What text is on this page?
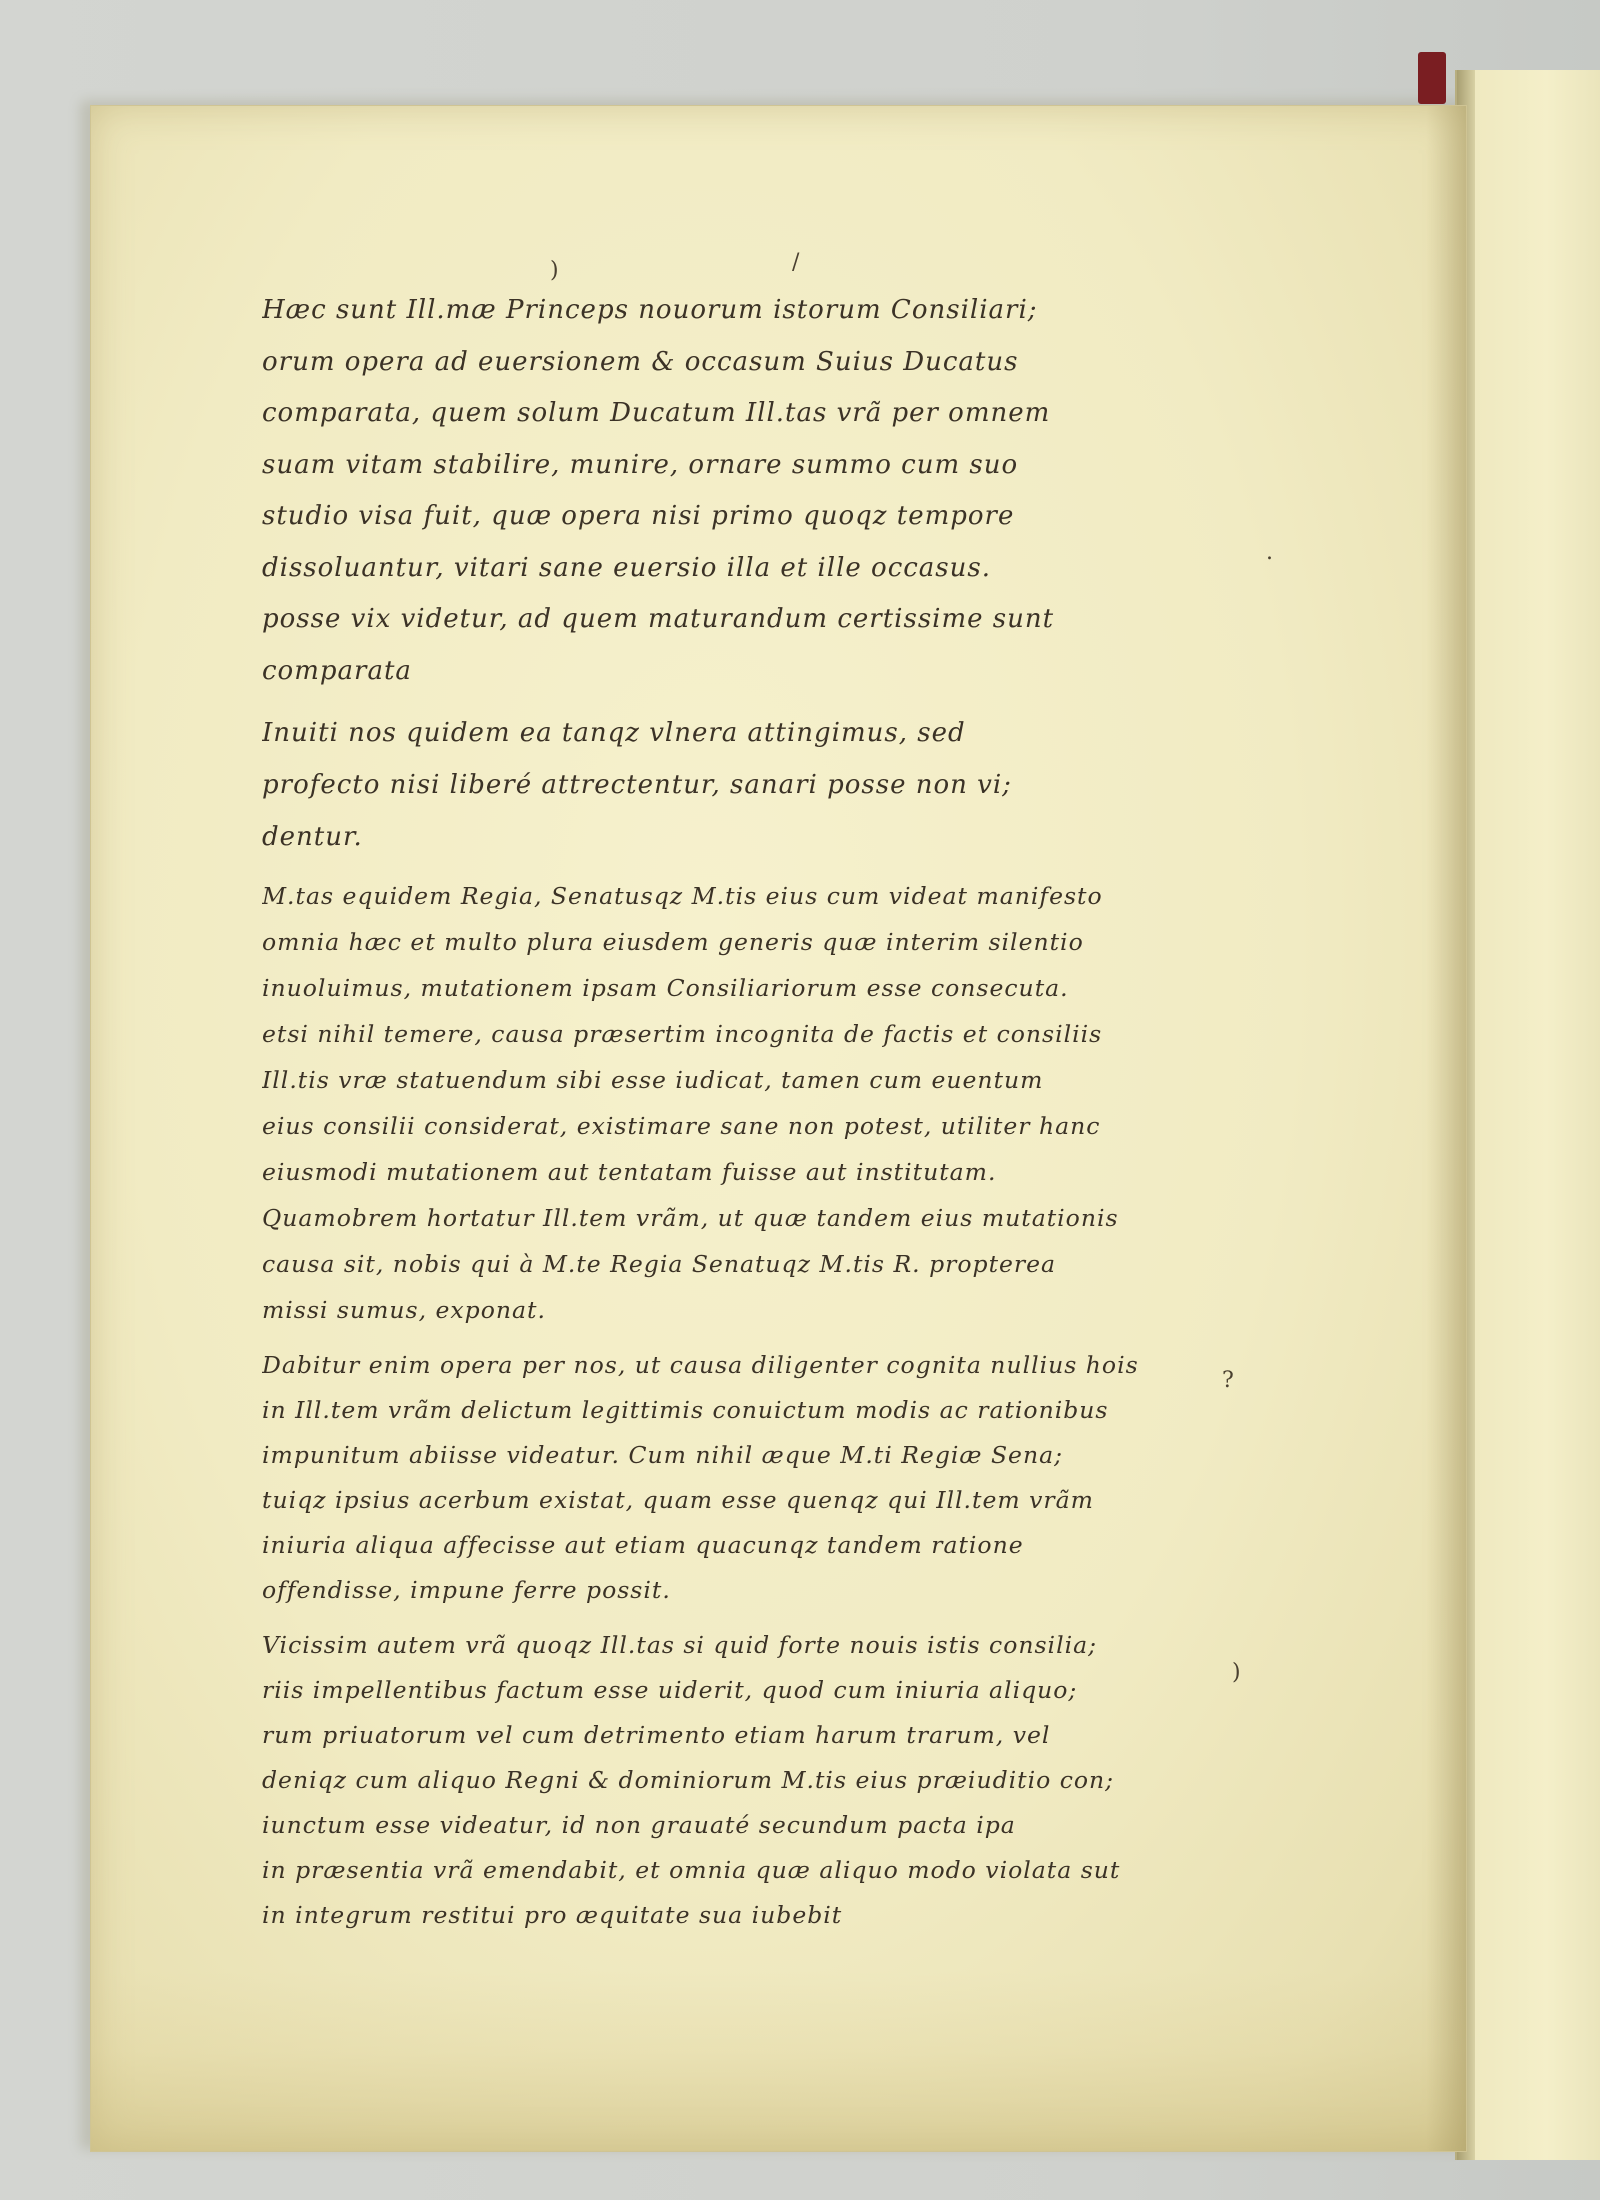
Hæc sunt Ill.mæ Princeps nouorum istorum Consiliari;
orum opera ad euersionem & occasum Suius Ducatus
comparata, quem solum Ducatum Ill.tas vrã per omnem
suam vitam stabilire, munire, ornare summo cum suo
studio visa fuit, quæ opera nisi primo quoqz tempore
dissoluantur, vitari sane euersio illa et ille occasus.
posse vix videtur, ad quem maturandum certissime sunt
comparata
Inuiti nos quidem ea tanqz vlnera attingimus, sed
profecto nisi liberé attrectentur, sanari posse non vi;
dentur.
M.tas equidem Regia, Senatusqz M.tis eius cum videat manifesto
omnia hæc et multo plura eiusdem generis quæ interim silentio
inuoluimus, mutationem ipsam Consiliariorum esse consecuta.
etsi nihil temere, causa præsertim incognita de factis et consiliis
Ill.tis vræ statuendum sibi esse iudicat, tamen cum euentum
eius consilii considerat, existimare sane non potest, utiliter hanc
eiusmodi mutationem aut tentatam fuisse aut institutam.
Quamobrem hortatur Ill.tem vrãm, ut quæ tandem eius mutationis
causa sit, nobis qui à M.te Regia Senatuqz M.tis R. propterea
missi sumus, exponat.
Dabitur enim opera per nos, ut causa diligenter cognita nullius hois
in Ill.tem vrãm delictum legittimis conuictum modis ac rationibus
impunitum abiisse videatur. Cum nihil æque M.ti Regiæ Sena;
tuiqz ipsius acerbum existat, quam esse quenqz qui Ill.tem vrãm
iniuria aliqua affecisse aut etiam quacunqz tandem ratione
offendisse, impune ferre possit.
Vicissim autem vrã quoqz Ill.tas si quid forte nouis istis consilia;
riis impellentibus factum esse uiderit, quod cum iniuria aliquo;
rum priuatorum vel cum detrimento etiam harum trarum, vel
deniqz cum aliquo Regni & dominiorum M.tis eius præiuditio con;
iunctum esse videatur, id non grauaté secundum pacta ipa
in præsentia vrã emendabit, et omnia quæ aliquo modo violata sut
in integrum restitui pro æquitate sua iubebit
)	/
.
?
)
